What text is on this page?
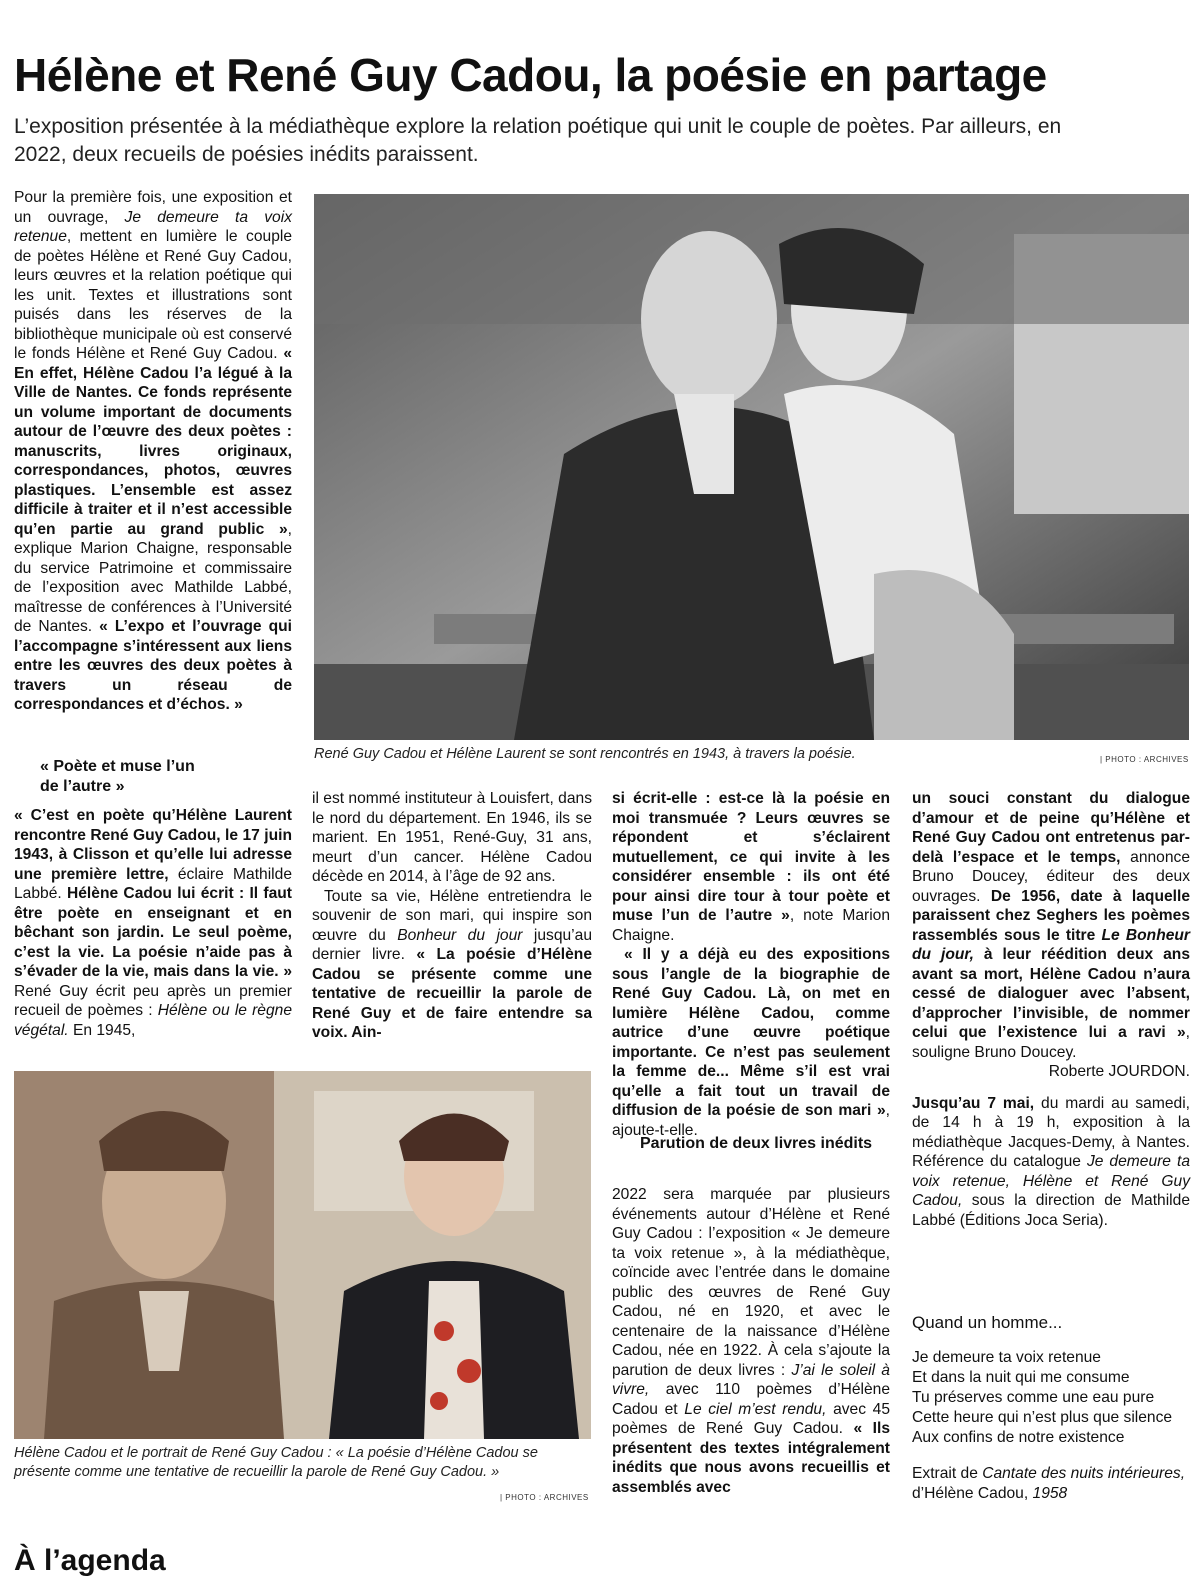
Hélène et René Guy Cadou, la poésie en partage
L’exposition présentée à la médiathèque explore la relation poétique qui unit le couple de poètes. Par ailleurs, en 2022, deux recueils de poésies inédits paraissent.
René Guy Cadou et Hélène Laurent se sont rencontrés en 1943, à travers la poésie.	| PHOTO : ARCHIVES

Pour la première fois, une exposition et un ouvrage, Je demeure ta voix retenue, mettent en lumière le couple de poètes Hélène et René Guy Cadou, leurs œuvres et la relation poétique qui les unit. Textes et illustrations sont puisés dans les réserves de la bibliothèque municipale où est conservé le fonds Hélène et René Guy Cadou. « En effet, Hélène Cadou l’a légué à la Ville de Nantes. Ce fonds représente un volume important de documents autour de l’œuvre des deux poètes : manuscrits, livres originaux, correspondances, photos, œuvres plastiques. L’ensemble est assez difficile à traiter et il n’est accessible qu’en partie au grand public », explique Marion Chaigne, responsable du service Patrimoine et commissaire de l’exposition avec Mathilde Labbé, maîtresse de conférences à l’Université de Nantes. « L’expo et l’ouvrage qui l’accompagne s’intéressent aux liens entre les œuvres des deux poètes à travers un réseau de correspondances et d’échos. »

« Poète et muse l’un de l’autre »

« C’est en poète qu’Hélène Laurent rencontre René Guy Cadou, le 17 juin 1943, à Clisson et qu’elle lui adresse une première lettre, éclaire Mathilde Labbé. Hélène Cadou lui écrit : Il faut être poète en enseignant et en bêchant son jardin. Le seul poème, c’est la vie. La poésie n’aide pas à s’évader de la vie, mais dans la vie. » René Guy écrit peu après un premier recueil de poèmes : Hélène ou le règne végétal. En 1945,

il est nommé instituteur à Louisfert, dans le nord du département. En 1946, ils se marient. En 1951, René-Guy, 31 ans, meurt d’un cancer. Hélène Cadou décède en 2014, à l’âge de 92 ans.

Toute sa vie, Hélène entretiendra le souvenir de son mari, qui inspire son œuvre du Bonheur du jour jusqu’au dernier livre. « La poésie d’Hélène Cadou se présente comme une tentative de recueillir la parole de René Guy et de faire entendre sa voix. Ain-

Hélène Cadou et le portrait de René Guy Cadou : « La poésie d’Hélène Cadou se présente comme une tentative de recueillir la parole de René Guy Cadou. »
| PHOTO : ARCHIVES

si écrit-elle : est-ce là la poésie en moi transmuée ? Leurs œuvres se répondent et s’éclairent mutuellement, ce qui invite à les considérer ensemble : ils ont été pour ainsi dire tour à tour poète et muse l’un de l’autre », note Marion Chaigne.

« Il y a déjà eu des expositions sous l’angle de la biographie de René Guy Cadou. Là, on met en lumière Hélène Cadou, comme autrice d’une œuvre poétique importante. Ce n’est pas seulement la femme de... Même s’il est vrai qu’elle a fait tout un travail de diffusion de la poésie de son mari », ajoute-t-elle.

Parution de deux livres inédits

2022 sera marquée par plusieurs événements autour d’Hélène et René Guy Cadou : l’exposition « Je demeure ta voix retenue », à la médiathèque, coïncide avec l’entrée dans le domaine public des œuvres de René Guy Cadou, né en 1920, et avec le centenaire de la naissance d’Hélène Cadou, née en 1922. À cela s’ajoute la parution de deux livres : J’ai le soleil à vivre, avec 110 poèmes d’Hélène Cadou et Le ciel m’est rendu, avec 45 poèmes de René Guy Cadou. « Ils présentent des textes intégralement inédits que nous avons recueillis et assemblés avec

un souci constant du dialogue d’amour et de peine qu’Hélène et René Guy Cadou ont entretenus par-delà l’espace et le temps, annonce Bruno Doucey, éditeur des deux ouvrages. De 1956, date à laquelle paraissent chez Seghers les poèmes rassemblés sous le titre Le Bonheur du jour, à leur réédition deux ans avant sa mort, Hélène Cadou n’aura cessé de dialoguer avec l’absent, d’approcher l’invisible, de nommer celui que l’existence lui a ravi », souligne Bruno Doucey.

Roberte JOURDON.

Jusqu’au 7 mai, du mardi au samedi, de 14 h à 19 h, exposition à la médiathèque Jacques-Demy, à Nantes. Référence du catalogue Je demeure ta voix retenue, Hélène et René Guy Cadou, sous la direction de Mathilde Labbé (Éditions Joca Seria).

Quand un homme...
Je demeure ta voix retenue
Et dans la nuit qui me consume
Tu préserves comme une eau pure
Cette heure qui n’est plus que silence
Aux confins de notre existence
Extrait de Cantate des nuits intérieures, d’Hélène Cadou, 1958
À l’agenda
